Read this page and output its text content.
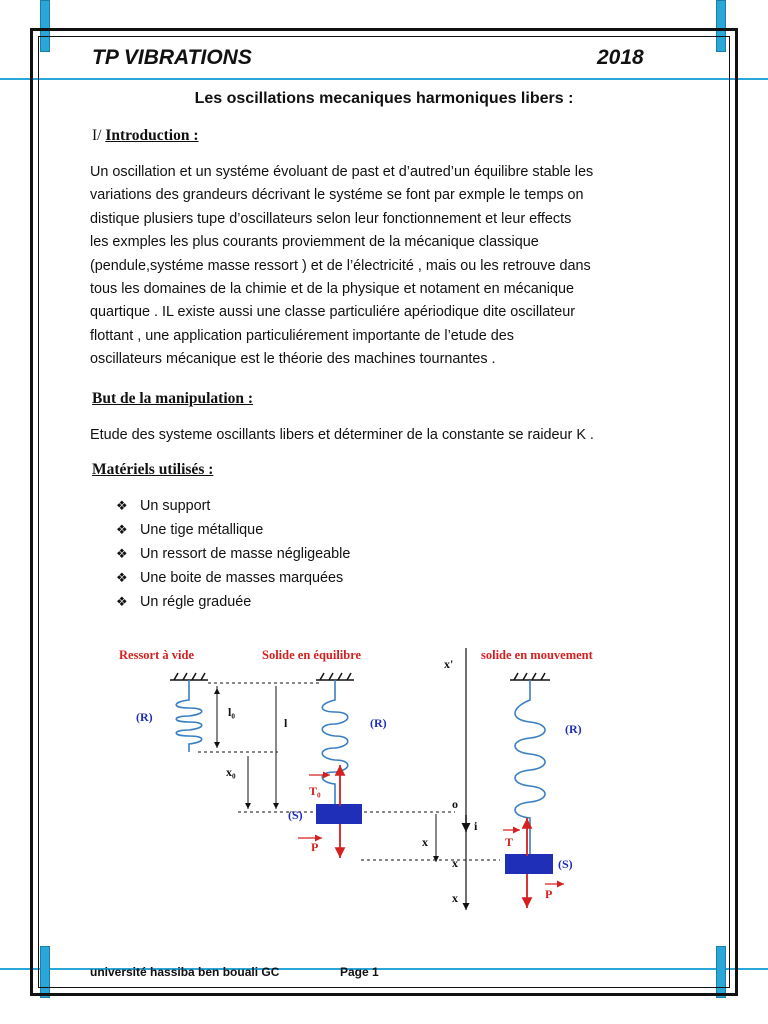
TP VIBRATIONS	2018
Les oscillations mecaniques harmoniques libers :
I/ Introduction :
Un oscillation et un systéme évoluant de past et d’autred’un équilibre stable les
variations des grandeurs décrivant le systéme se font par exmple le temps on
distique plusiers tupe d’oscillateurs selon leur fonctionnement et leur effects
les exmples les plus courants proviemment de la mécanique classique
(pendule,systéme masse ressort ) et de l’électricité , mais ou les retrouve dans
tous les domaines de la chimie et de la physique et notament en mécanique
quartique . IL existe aussi une classe particuliére apériodique dite oscillateur
flottant , une application particuliérement importante de l’etude des
oscillateurs mécanique est le théorie des machines tournantes .
But de la manipulation :
Etude des systeme oscillants libers et déterminer de la constante se raideur K .
Matériels utilisés :
❖ Un support
❖ Une tige métallique
❖ Un ressort de masse négligeable
❖ Une boite de masses marquées
❖ Un régle graduée
Ressort à vide	Solide en équilibre	solide en mouvement
(R)	(R)	(R)
l₀
l
x₀
(S)
T₀
P
x'
o
i
x
x
x
(S)
T
P
université hassiba ben bouali GC	Page 1
